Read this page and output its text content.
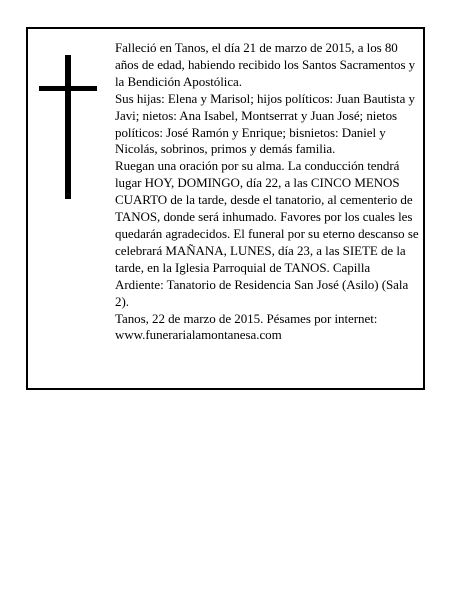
Falleció en Tanos, el día 21 de marzo de 2015, a los 80 años de edad, habiendo recibido los Santos Sacramentos y la Bendición Apostólica.

Sus hijas: Elena y Marisol; hijos políticos: Juan Bautista y Javi; nietos: Ana Isabel, Montserrat y Juan José; nietos políticos: José Ramón y Enrique; bisnietos: Daniel y Nicolás, sobrinos, primos y demás familia.

Ruegan una oración por su alma. La conducción tendrá lugar HOY, DOMINGO, día 22, a las CINCO MENOS CUARTO de la tarde, desde el tanatorio, al cementerio de TANOS, donde será inhumado. Favores por los cuales les quedarán agradecidos. El funeral por su eterno descanso se celebrará MAÑANA, LUNES, día 23, a las SIETE de la tarde, en la Iglesia Parroquial de TANOS. Capilla Ardiente: Tanatorio de Residencia San José (Asilo) (Sala 2).

Tanos, 22 de marzo de 2015. Pésames por internet:

www.funerarialamontanesa.com
